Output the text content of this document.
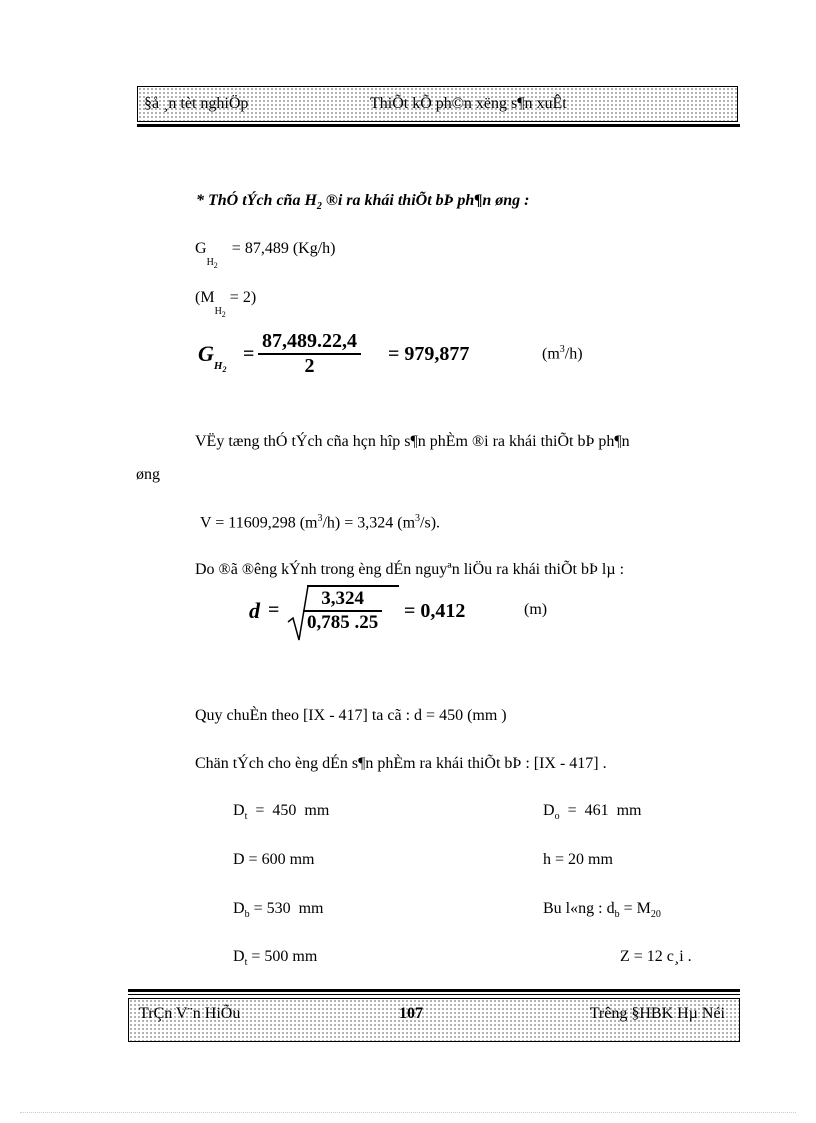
§å ¸n tèt nghiÖp	ThiÕt kÕ ph©n xëng s¶n xuÊt
* ThÓ tÝch cña $H_2$ ®i ra khái thiÕt bÞ ph¶n øng :
$G_{H_2} = 87,489$ (Kg/h)
$(M_{H_2} = 2)$
$G_{H_2}$
=
87,489.22,4
2
= 979,877	$(m^3/h)$
VËy tæng thÓ tÝch cña hçn hîp s¶n phÈm ®i ra khái thiÕt bÞ ph¶n
øng
V = 11609,298 $(m^3/h) = 3,324$ $(m^3/s)$.
Do ®ã ®êng kÝnh trong èng dÉn nguyªn liÖu ra khái thiÕt bÞ lµ :
d =
3,324
0,785 .25 = 0,412	(m)
Quy chuÈn theo [IX - 417] ta cã : d = 450 (mm )
Chän tÝch cho èng dÉn s¶n phÈm ra khái thiÕt bÞ : [IX - 417] .
$D_t = 450$  mm	$D_o = 461$  mm
D = 600 mm	h = 20 mm
$D_b = 530$  mm	Bu l«ng : $d_b = M_{20}$
$D_t = 500$ mm	Z = 12 c¸i .
TrÇn V¨n HiÕu	107	Trêng §HBK Hµ Néi
